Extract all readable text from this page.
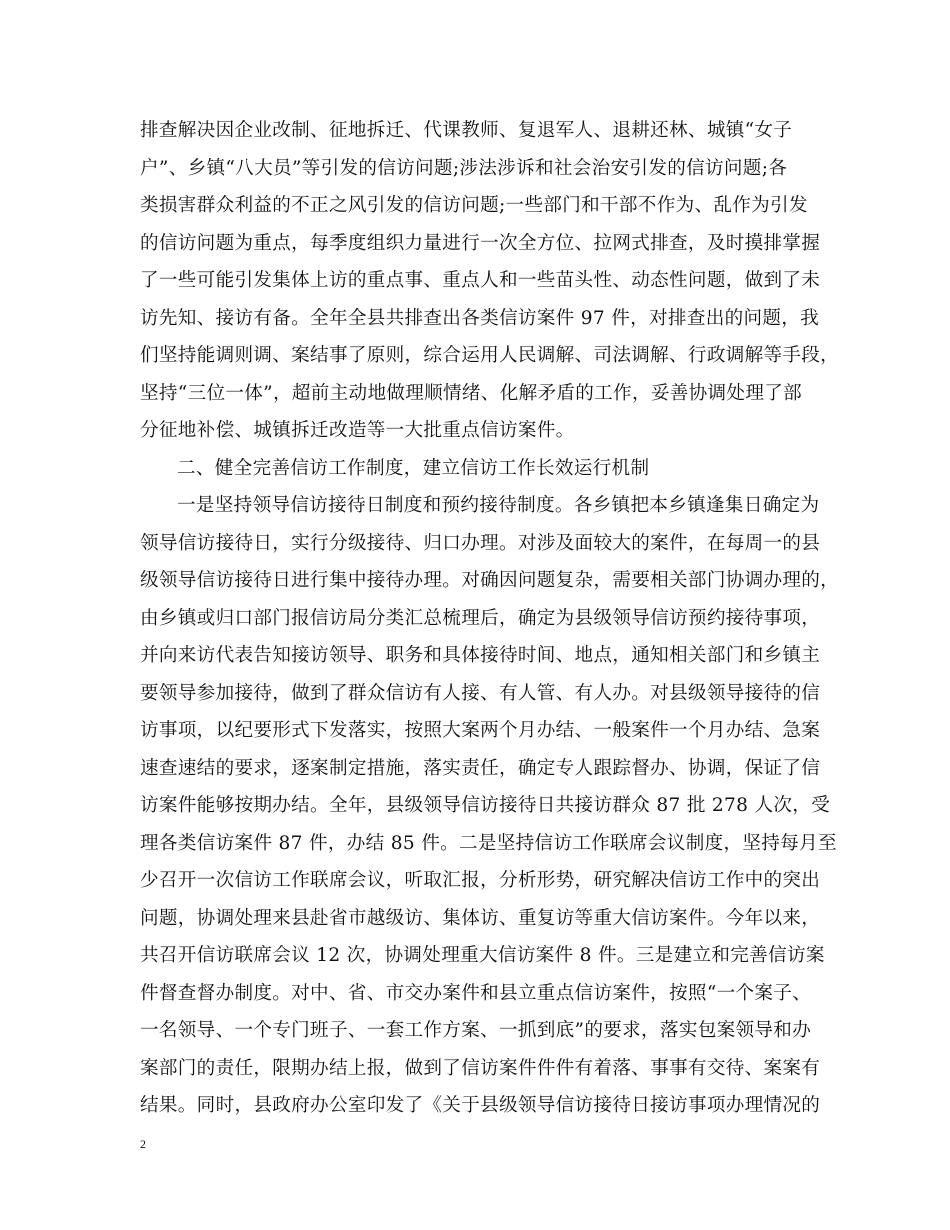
排查解决因企业改制、征地拆迁、代课教师、复退军人、退耕还林、城镇“女子
户”、乡镇“八大员”等引发的信访问题;涉法涉诉和社会治安引发的信访问题;各
类损害群众利益的不正之风引发的信访问题;一些部门和干部不作为、乱作为引发
的信访问题为重点，每季度组织力量进行一次全方位、拉网式排查，及时摸排掌握
了一些可能引发集体上访的重点事、重点人和一些苗头性、动态性问题，做到了未
访先知、接访有备。全年全县共排查出各类信访案件 97 件，对排查出的问题，我
们坚持能调则调、案结事了原则，综合运用人民调解、司法调解、行政调解等手段，
坚持“三位一体”，超前主动地做理顺情绪、化解矛盾的工作，妥善协调处理了部
分征地补偿、城镇拆迁改造等一大批重点信访案件。
二、健全完善信访工作制度，建立信访工作长效运行机制
一是坚持领导信访接待日制度和预约接待制度。各乡镇把本乡镇逢集日确定为
领导信访接待日，实行分级接待、归口办理。对涉及面较大的案件，在每周一的县
级领导信访接待日进行集中接待办理。对确因问题复杂，需要相关部门协调办理的，
由乡镇或归口部门报信访局分类汇总梳理后，确定为县级领导信访预约接待事项，
并向来访代表告知接访领导、职务和具体接待时间、地点，通知相关部门和乡镇主
要领导参加接待，做到了群众信访有人接、有人管、有人办。对县级领导接待的信
访事项，以纪要形式下发落实，按照大案两个月办结、一般案件一个月办结、急案
速查速结的要求，逐案制定措施，落实责任，确定专人跟踪督办、协调，保证了信
访案件能够按期办结。全年，县级领导信访接待日共接访群众 87 批 278 人次，受
理各类信访案件 87 件，办结 85 件。二是坚持信访工作联席会议制度，坚持每月至
少召开一次信访工作联席会议，听取汇报，分析形势，研究解决信访工作中的突出
问题，协调处理来县赴省市越级访、集体访、重复访等重大信访案件。今年以来，
共召开信访联席会议 12 次，协调处理重大信访案件 8 件。三是建立和完善信访案
件督查督办制度。对中、省、市交办案件和县立重点信访案件，按照“一个案子、
一名领导、一个专门班子、一套工作方案、一抓到底”的要求，落实包案领导和办
案部门的责任，限期办结上报，做到了信访案件件件有着落、事事有交待、案案有
结果。同时，县政府办公室印发了《关于县级领导信访接待日接访事项办理情况的
2
